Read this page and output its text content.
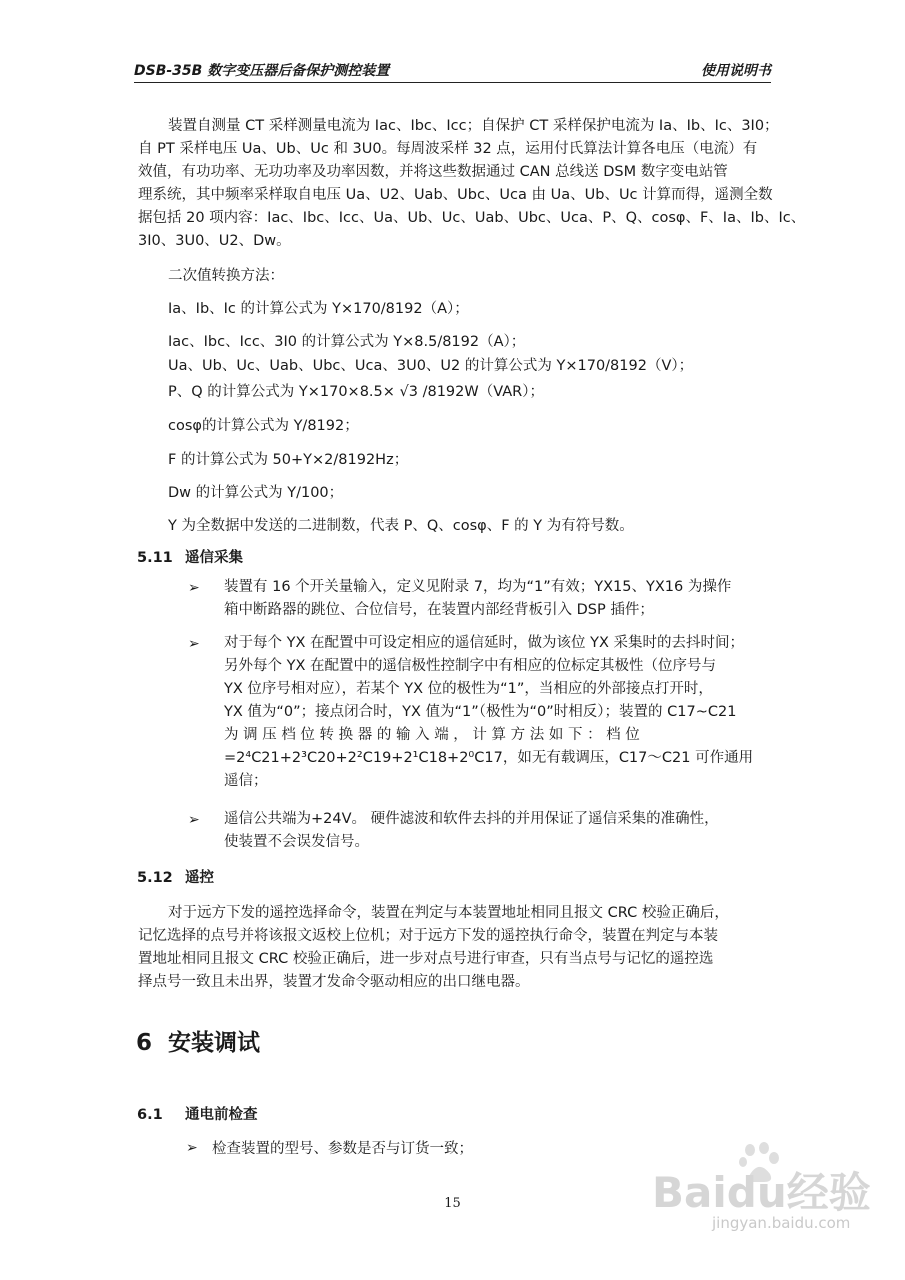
DSB-35B 数字变压器后备保护测控装置	使用说明书
装置自测量 CT 采样测量电流为 Iac、Ibc、Icc；自保护 CT 采样保护电流为 Ia、Ib、Ic、3I0；
自 PT 采样电压 Ua、Ub、Uc 和 3U0。每周波采样 32 点，运用付氏算法计算各电压（电流）有
效值，有功功率、无功功率及功率因数，并将这些数据通过 CAN 总线送 DSM 数字变电站管
理系统，其中频率采样取自电压 Ua、U2、Uab、Ubc、Uca 由 Ua、Ub、Uc 计算而得，遥测全数
据包括 20 项内容：Iac、Ibc、Icc、Ua、Ub、Uc、Uab、Ubc、Uca、P、Q、cosφ、F、Ia、Ib、Ic、
3I0、3U0、U2、Dw。
二次值转换方法：
Ia、Ib、Ic 的计算公式为 Y×170/8192（A）；
Iac、Ibc、Icc、3I0 的计算公式为 Y×8.5/8192（A）；
Ua、Ub、Uc、Uab、Ubc、Uca、3U0、U2 的计算公式为 Y×170/8192（V）；
P、Q 的计算公式为 Y×170×8.5× √3 /8192W（VAR）；
cosφ的计算公式为 Y/8192；
F 的计算公式为 50+Y×2/8192Hz；
Dw 的计算公式为 Y/100；
Y 为全数据中发送的二进制数，代表 P、Q、cosφ、F 的 Y 为有符号数。
5.11 遥信采集
➢ 装置有 16 个开关量输入，定义见附录 7，均为“1”有效；YX15、YX16 为操作
箱中断路器的跳位、合位信号，在装置内部经背板引入 DSP 插件；
➢ 对于每个 YX 在配置中可设定相应的遥信延时，做为该位 YX 采集时的去抖时间；
另外每个 YX 在配置中的遥信极性控制字中有相应的位标定其极性（位序号与
YX 位序号相对应），若某个 YX 位的极性为“1”，当相应的外部接点打开时，
YX 值为“0”；接点闭合时，YX 值为“1”（极性为“0”时相反）；装置的 C17~C21
为 调 压 档 位 转 换 器 的 输 入 端 ， 计 算 方 法 如 下 ： 档 位
=2⁴C21+2³C20+2²C19+2¹C18+2⁰C17，如无有载调压，C17～C21 可作通用
遥信；
➢ 遥信公共端为+24V。 硬件滤波和软件去抖的并用保证了遥信采集的准确性，
使装置不会误发信号。
5.12 遥控
对于远方下发的遥控选择命令，装置在判定与本装置地址相同且报文 CRC 校验正确后，
记忆选择的点号并将该报文返校上位机；对于远方下发的遥控执行命令，装置在判定与本装
置地址相同且报文 CRC 校验正确后，进一步对点号进行审查，只有当点号与记忆的遥控选
择点号一致且未出界，装置才发命令驱动相应的出口继电器。
6 安装调试
6.1 通电前检查
➢ 检查装置的型号、参数是否与订货一致；
15	Baidu经验
jingyan.baidu.com
